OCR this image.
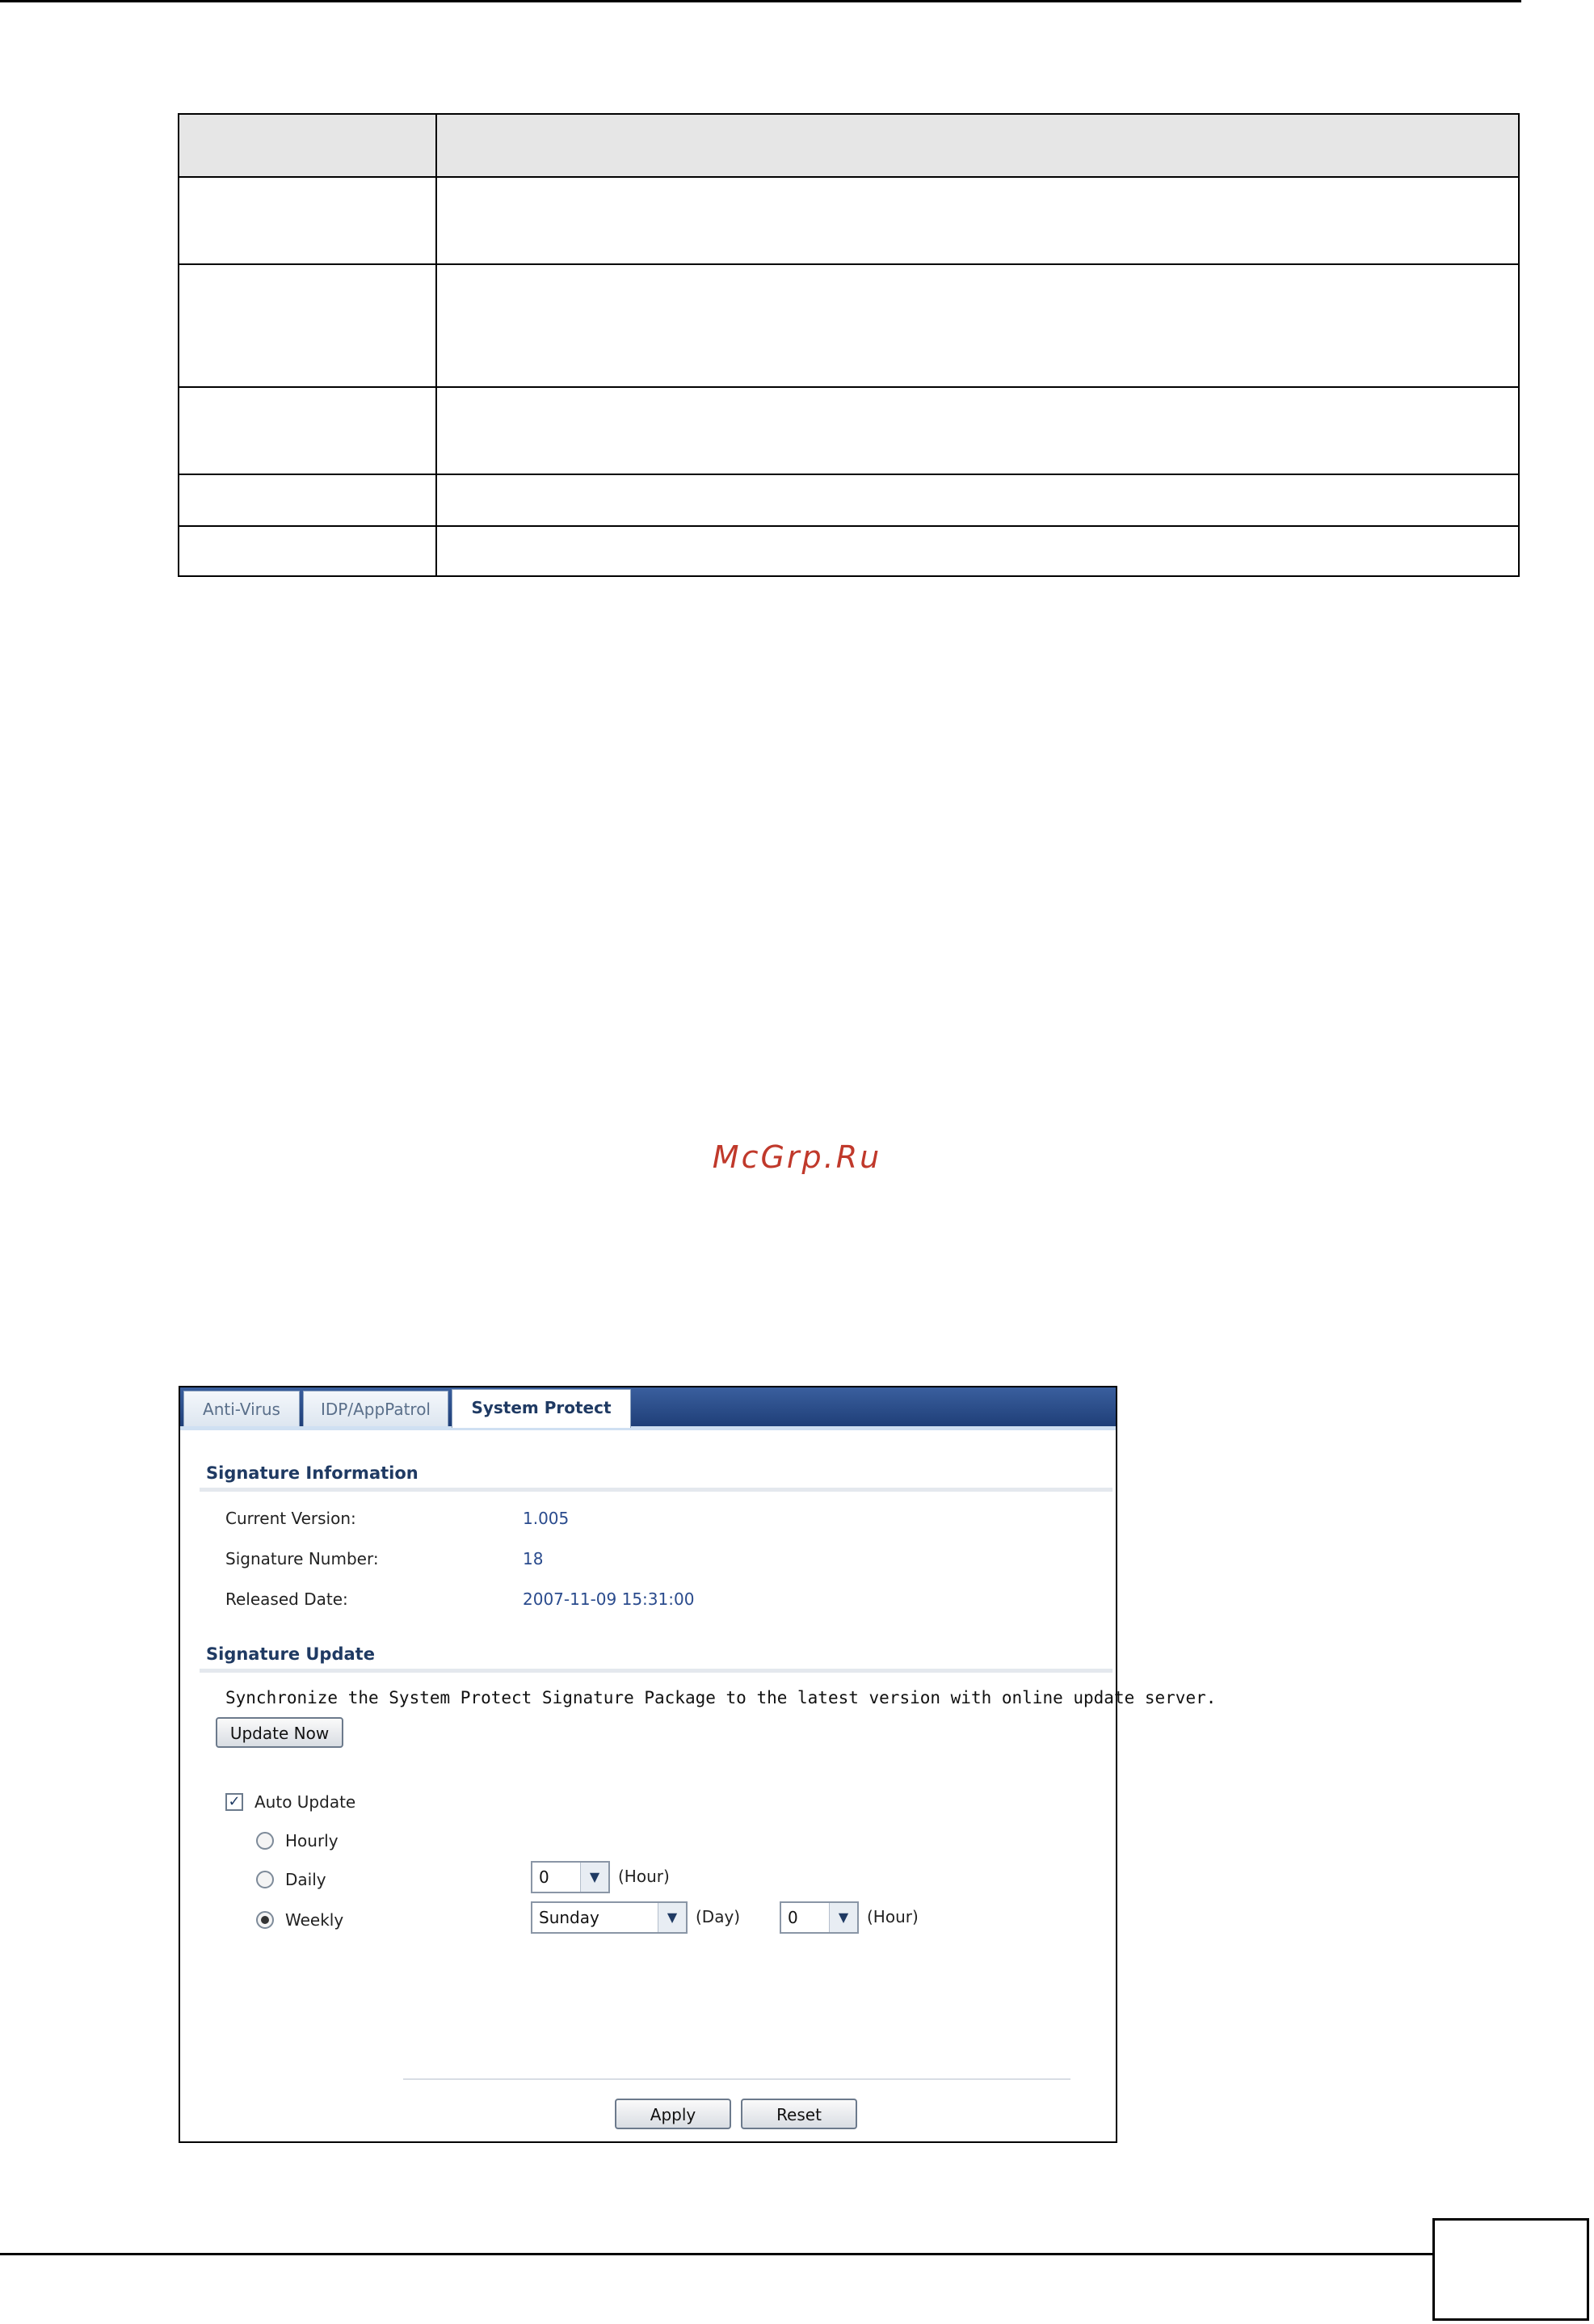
McGrp.Ru
Anti-Virus	IDP/AppPatrol	System Protect
Signature Information
Current Version:	1.005
Signature Number:	18
Released Date:	2007-11-09 15:31:00
Signature Update
Synchronize the System Protect Signature Package to the latest version with online update server.
Update Now
✓ Auto Update
Hourly
Daily	0	▼	(Hour)
Weekly	Sunday	▼	(Day)	0	▼	(Hour)
Apply	Reset
